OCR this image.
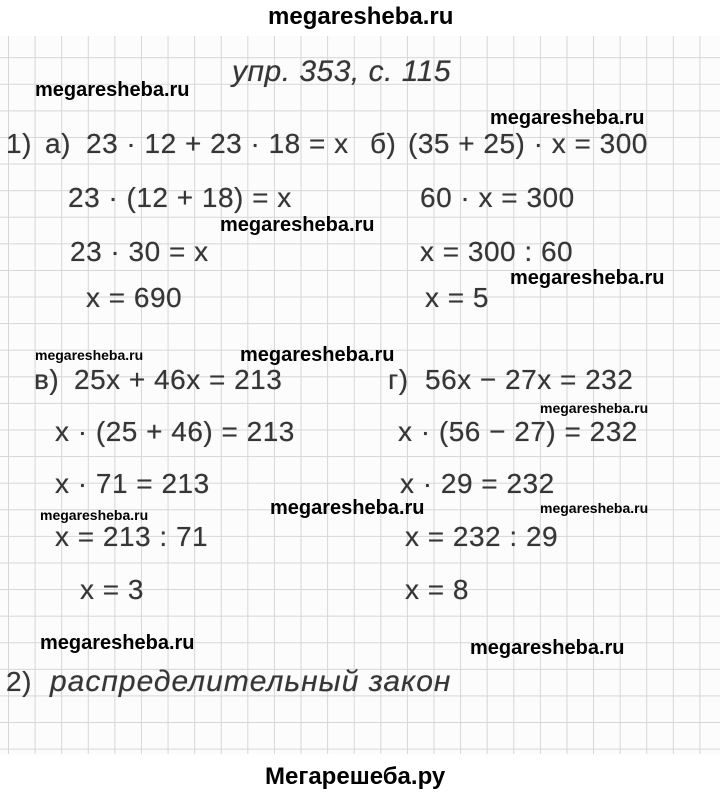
megaresheba.ru
Мегарешеба.ру
упр. 353, с. 115
1) а) 23 · 12 + 23 · 18 = x
23 · (12 + 18) = x
23 · 30 = x
x = 690
б) (35 + 25) · x = 300
60 · x = 300
x = 300 : 60
x = 5
в) 25x + 46x = 213
x · (25 + 46) = 213
x · 71 = 213
x = 213 : 71
x = 3
г) 56x − 27x = 232
x · (56 − 27) = 232
x · 29 = 232
x = 232 : 29
x = 8
2) распределительный закон
megaresheba.ru
megaresheba.ru
megaresheba.ru
megaresheba.ru
megaresheba.ru	megaresheba.ru
megaresheba.ru
megaresheba.ru
megaresheba.ru	megaresheba.ru
megaresheba.ru	megaresheba.ru
